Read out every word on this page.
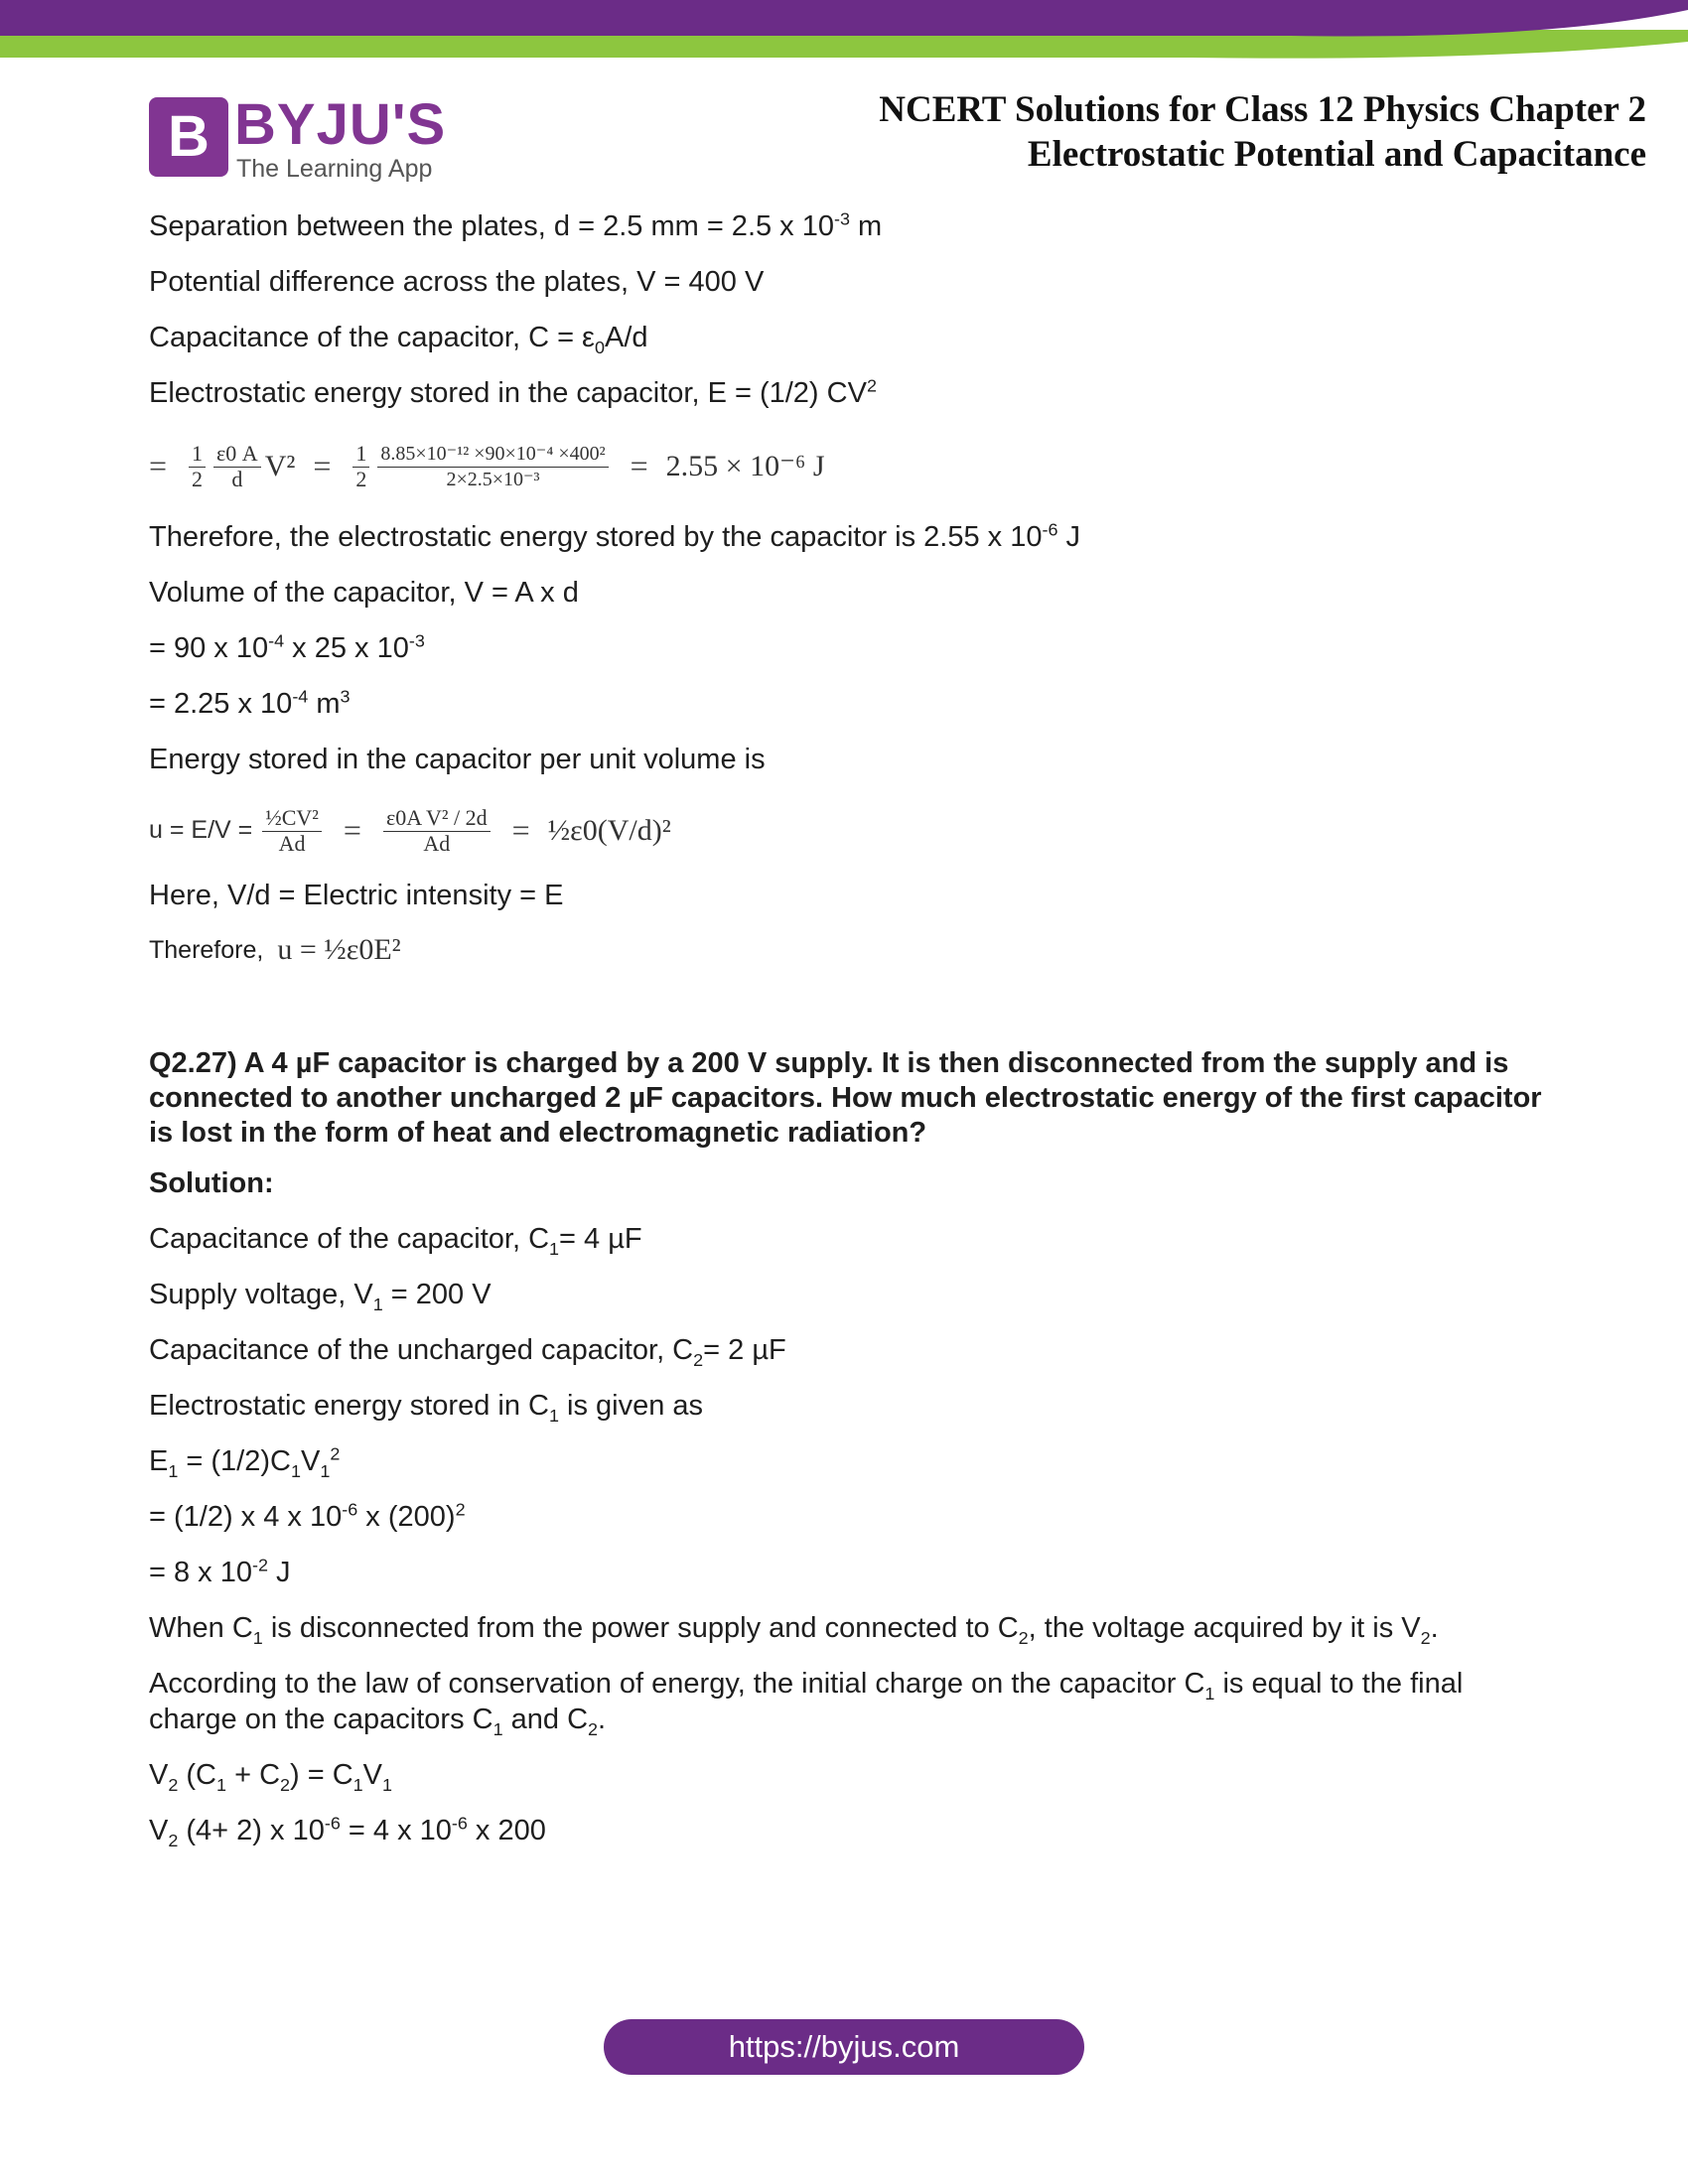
B BYJU'S
The Learning App
NCERT Solutions for Class 12 Physics Chapter 2
Electrostatic Potential and Capacitance

Separation between the plates, d = 2.5 mm = 2.5 x $10^{-3}$ m

Potential difference across the plates, V = 400 V

Capacitance of the capacitor, $C = \varepsilon_0A/d$

Electrostatic energy stored in the capacitor, E = (1/2) $CV^2$

= $\frac{1}{2} \frac{\varepsilon 0 A}{d} V^2 = \frac{1}{2} \frac{\text{8.85×10⁻¹² ×90×10⁻⁴ ×400²}}{\text{2×2.5×10⁻³}} = 2.55 \times 10^{-6}$ J

Therefore, the electrostatic energy stored by the capacitor is 2.55 x $10^{-6}$ J

Volume of the capacitor, V = A x d

= 90 x $10^{-4}$ x 25 x $10^{-3}$

= 2.25 x $10^{-4}$ $m^3$

Energy stored in the capacitor per unit volume is

$u = E/V = \frac{\text{½CV²}}{Ad} = \frac{\text{ε0A V² / 2d}}{Ad}$ = ½ε0 (V/d)²

Here, V/d = Electric intensity = E

Therefore, u = ½ε0E²

Q2.27) A 4 µF capacitor is charged by a 200 V supply. It is then disconnected from the supply and is connected to another uncharged 2 µF capacitors. How much electrostatic energy of the first capacitor is lost in the form of heat and electromagnetic radiation?

Solution:

Capacitance of the capacitor, $C_1= 4$ µF

Supply voltage, $V_1 = 200$ V

Capacitance of the uncharged capacitor, $C_2= 2$ µF

Electrostatic energy stored in $C_1$ is given as

$E_1 = (1/2)C_1V_1^2$

= (1/2) x 4 x $10^{-6}$ x $(200)^2$

= 8 x $10^{-2}$ J

When $C_1$ is disconnected from the power supply and connected to $C_2$, the voltage acquired by it is $V_2$.

According to the law of conservation of energy, the initial charge on the capacitor $C_1$ is equal to the final charge on the capacitors $C_1$ and $C_2$.

$V_2$ $(C_1 + C_2) = C_1V_1$

$V_2$ (4+ 2) x $10^{-6} = 4$ x $10^{-6}$ x 200

https://byjus.com
